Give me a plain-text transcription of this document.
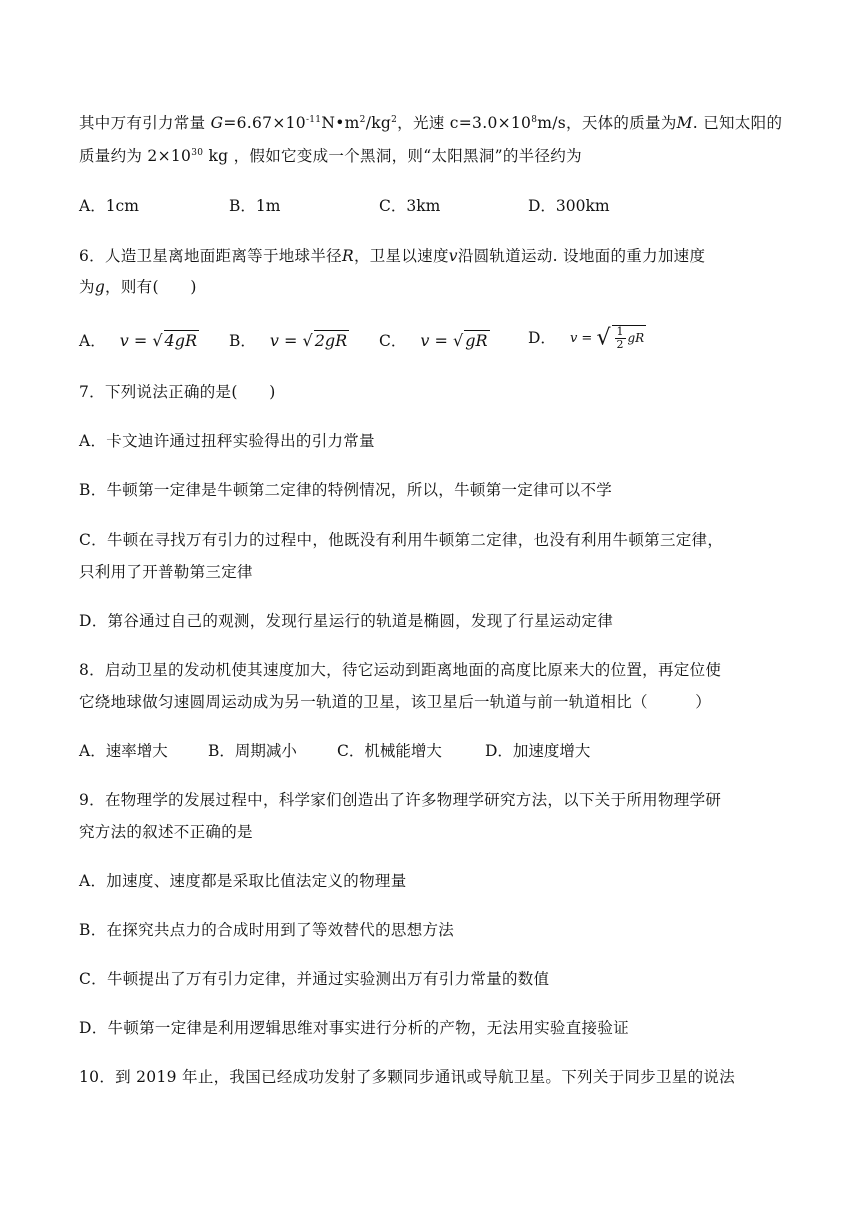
其中万有引力常量 $G=6.67\times 10^{-11}N•m^2/kg^2$，光速 $c=3.0\times 10^8m/s$，天体的质量为M. 已知太阳的
质量约为 $2\times 10^{30}$ kg ，假如它变成一个黑洞，则“太阳黑洞”的半径约为
A．1cm	B．1m	C．3km	D．300km
6．人造卫星离地面距离等于地球半径R，卫星以速度v沿圆轨道运动. 设地面的重力加速度
为g，则有(　　)
A． v = √ 4gR B． v = √ 2gR C． v = √ gR	D． v = √ $\frac{1}{2}$ gR
7．下列说法正确的是(　　)
A．卡文迪许通过扭秤实验得出的引力常量
B．牛顿第一定律是牛顿第二定律的特例情况，所以，牛顿第一定律可以不学
C．牛顿在寻找万有引力的过程中，他既没有利用牛顿第二定律，也没有利用牛顿第三定律，
只利用了开普勒第三定律
D．第谷通过自己的观测，发现行星运行的轨道是椭圆，发现了行星运动定律
8．启动卫星的发动机使其速度加大，待它运动到距离地面的高度比原来大的位置，再定位使
它绕地球做匀速圆周运动成为另一轨道的卫星，该卫星后一轨道与前一轨道相比（　　　）
A．速率增大	B．周期减小	C．机械能增大	D．加速度增大
9．在物理学的发展过程中，科学家们创造出了许多物理学研究方法，以下关于所用物理学研
究方法的叙述不正确的是
A．加速度、速度都是采取比值法定义的物理量
B．在探究共点力的合成时用到了等效替代的思想方法
C．牛顿提出了万有引力定律，并通过实验测出万有引力常量的数值
D．牛顿第一定律是利用逻辑思维对事实进行分析的产物，无法用实验直接验证
10．到 2019 年止，我国已经成功发射了多颗同步通讯或导航卫星。下列关于同步卫星的说法
